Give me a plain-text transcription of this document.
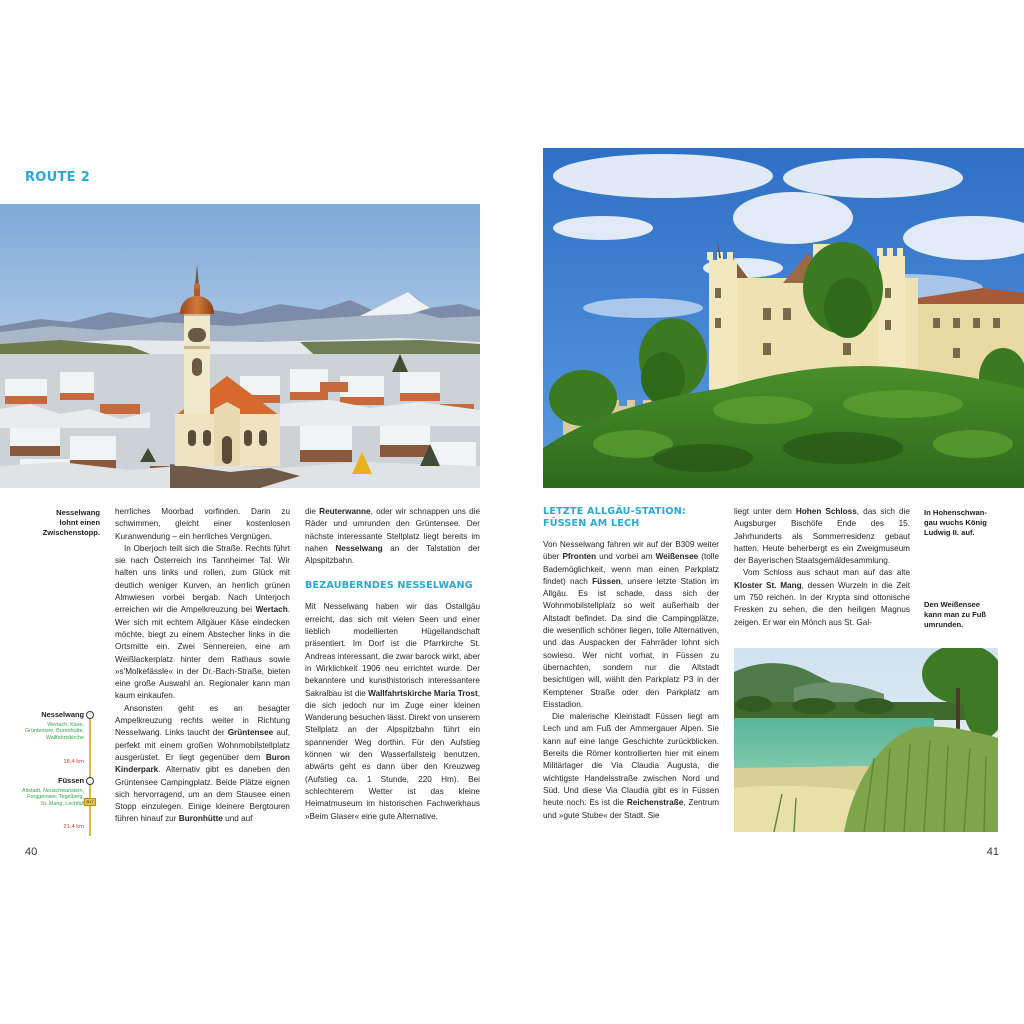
ROUTE 2
Nesselwang
lohnt einen
Zwischenstopp.
Nesselwang
Wertach, Käse, Grüntensee, Buronhütte, Wallfahrtskirche
18,4 km
Füssen
Altstadt, Neuschwanstein, Forggensee, Tegelberg, St. Mang, Lechfall B17
21,4 km

herrliches Moorbad vorfinden. Darin zu schwimmen, gleicht einer kostenlosen Kuranwendung – ein herrliches Vergnügen.

In Oberjoch teilt sich die Straße. Rechts führt sie nach Österreich ins Tannheimer Tal. Wir halten uns links und rollen, zum Glück mit deutlich weniger Kurven, an herrlich grünen Almwiesen vorbei bergab. Nach Unterjoch erreichen wir die Ampelkreuzung bei Wertach. Wer sich mit echtem Allgäuer Käse eindecken möchte, biegt zu einem Abstecher links in die Ortsmitte ein. Zwei Sennereien, eine am Weißlackerplatz hinter dem Rathaus sowie »s'Molkefässle« in der Dr.-Bach-Straße, bieten eine große Auswahl an. Regionaler kann man kaum einkaufen.

Ansonsten geht es an besagter Ampelkreuzung rechts weiter in Richtung Nesselwang. Links taucht der Grüntensee auf, perfekt mit einem großen Wohnmobilstellplatz ausgerüstet. Er liegt gegenüber dem Buron Kinderpark. Alternativ gibt es daneben den Grüntensee Campingplatz. Beide Plätze eignen sich hervorragend, um an dem Stausee einen Stopp einzulegen. Einige kleinere Bergtouren führen hinauf zur Buronhütte und auf

die Reuterwanne, oder wir schnappen uns die Räder und umrunden den Grüntensee. Der nächste interessante Stellplatz liegt bereits im nahen Nesselwang an der Talstation der Alpspitzbahn.

BEZAUBERNDES NESSELWANG

Mit Nesselwang haben wir das Ostallgäu erreicht, das sich mit vielen Seen und einer lieblich modellierten Hügellandschaft präsentiert. Im Dorf ist die Pfarrkirche St. Andreas interessant, die zwar barock wirkt, aber in Wirklichkeit 1906 neu errichtet wurde. Der bekanntere und kunsthistorisch interessantere Sakralbau ist die Wallfahrtskirche Maria Trost, die sich jedoch nur im Zuge einer kleinen Wanderung besuchen lässt. Direkt von unserem Stellplatz an der Alpspitzbahn führt ein spannender Weg dorthin. Für den Aufstieg können wir den Wasserfallsteig benutzen, abwärts geht es dann über den Kreuzweg (Aufstieg ca. 1 Stunde, 220 Hm). Bei schlechterem Wetter ist das kleine Heimatmuseum im historischen Fachwerkhaus »Beim Glaser« eine gute Alternative.

40
LETZTE ALLGÄU-STATION:
FÜSSEN AM LECH

Von Nesselwang fahren wir auf der B309 weiter über Pfronten und vorbei am Weißensee (tolle Bademöglichkeit, wenn man einen Parkplatz findet) nach Füssen, unsere letzte Station im Allgäu. Es ist schade, dass sich der Wohnmobilstellplatz so weit außerhalb der Altstadt befindet. Da sind die Campingplätze, die wesentlich schöner liegen, tolle Alternativen, und das Auspacken der Fahrräder lohnt sich sowieso. Wer nicht vorhat, in Füssen zu übernachten, sondern nur die Altstadt besichtigen will, wählt den Parkplatz P3 in der Kemptener Straße oder den Parkplatz am Eisstadion.

Die malerische Kleinstadt Füssen liegt am Lech und am Fuß der Ammergauer Alpen. Sie kann auf eine lange Geschichte zurückblicken. Bereits die Römer kontrollierten hier mit einem Militärlager die Via Claudia Augusta, die wichtigste Handelsstraße zwischen Nord und Süd. Und diese Via Claudia gibt es in Füssen heute noch: Es ist die Reichenstraße, Zentrum und »gute Stube« der Stadt. Sie

liegt unter dem Hohen Schloss, das sich die Augsburger Bischöfe Ende des 15. Jahrhunderts als Sommerresidenz gebaut hatten. Heute beherbergt es ein Zweigmuseum der Bayerischen Staatsgemäldesammlung.

Vom Schloss aus schaut man auf das alte Kloster St. Mang, dessen Wurzeln in die Zeit um 750 reichen. In der Krypta sind ottonische Fresken zu sehen, die den heiligen Magnus zeigen. Er war ein Mönch aus St. Gal-

In Hohenschwan-
gau wuchs König
Ludwig II. auf.
Den Weißensee
kann man zu Fuß
umrunden.
41
